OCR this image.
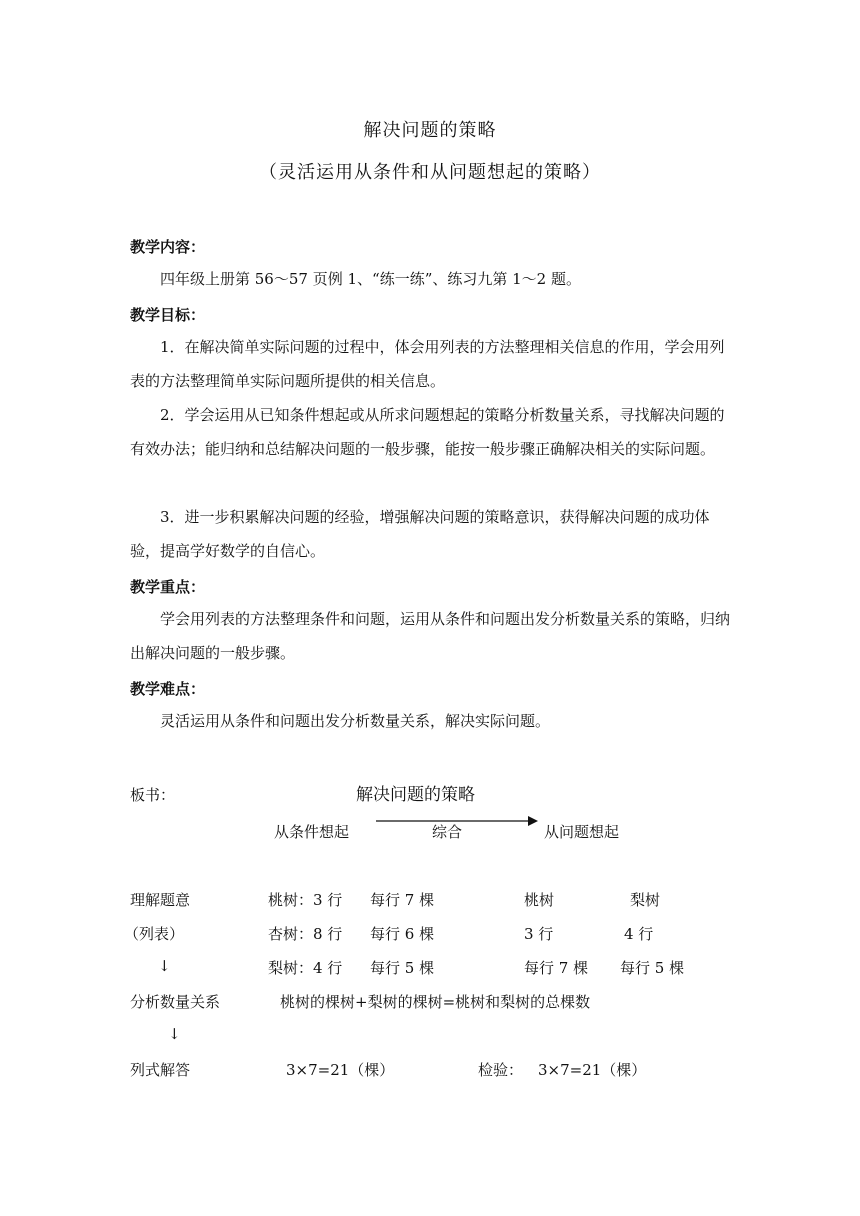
解决问题的策略
（灵活运用从条件和从问题想起的策略）
教学内容：
四年级上册第 56～57 页例 1、“练一练”、练习九第 1～2 题。
教学目标：
1．在解决简单实际问题的过程中，体会用列表的方法整理相关信息的作用，学会用列表的方法整理简单实际问题所提供的相关信息。
2．学会运用从已知条件想起或从所求问题想起的策略分析数量关系，寻找解决问题的有效办法；能归纳和总结解决问题的一般步骤，能按一般步骤正确解决相关的实际问题。
3．进一步积累解决问题的经验，增强解决问题的策略意识，获得解决问题的成功体验，提高学好数学的自信心。
教学重点：
学会用列表的方法整理条件和问题，运用从条件和问题出发分析数量关系的策略，归纳出解决问题的一般步骤。
教学难点：
灵活运用从条件和问题出发分析数量关系，解决实际问题。
板书：	解决问题的策略
从条件想起	综合	从问题想起
理解题意
（列表）
↓
分析数量关系
↓
列式解答
桃树：3 行 每行 7 棵
杏树：8 行 每行 6 棵
梨树：4 行 每行 5 棵
桃树
3 行
每行 7 棵
梨树
4 行
每行 5 棵
桃树的棵树+梨树的棵树=桃树和梨树的总棵数
3×7=21（棵）	检验： 3×7=21（棵）
